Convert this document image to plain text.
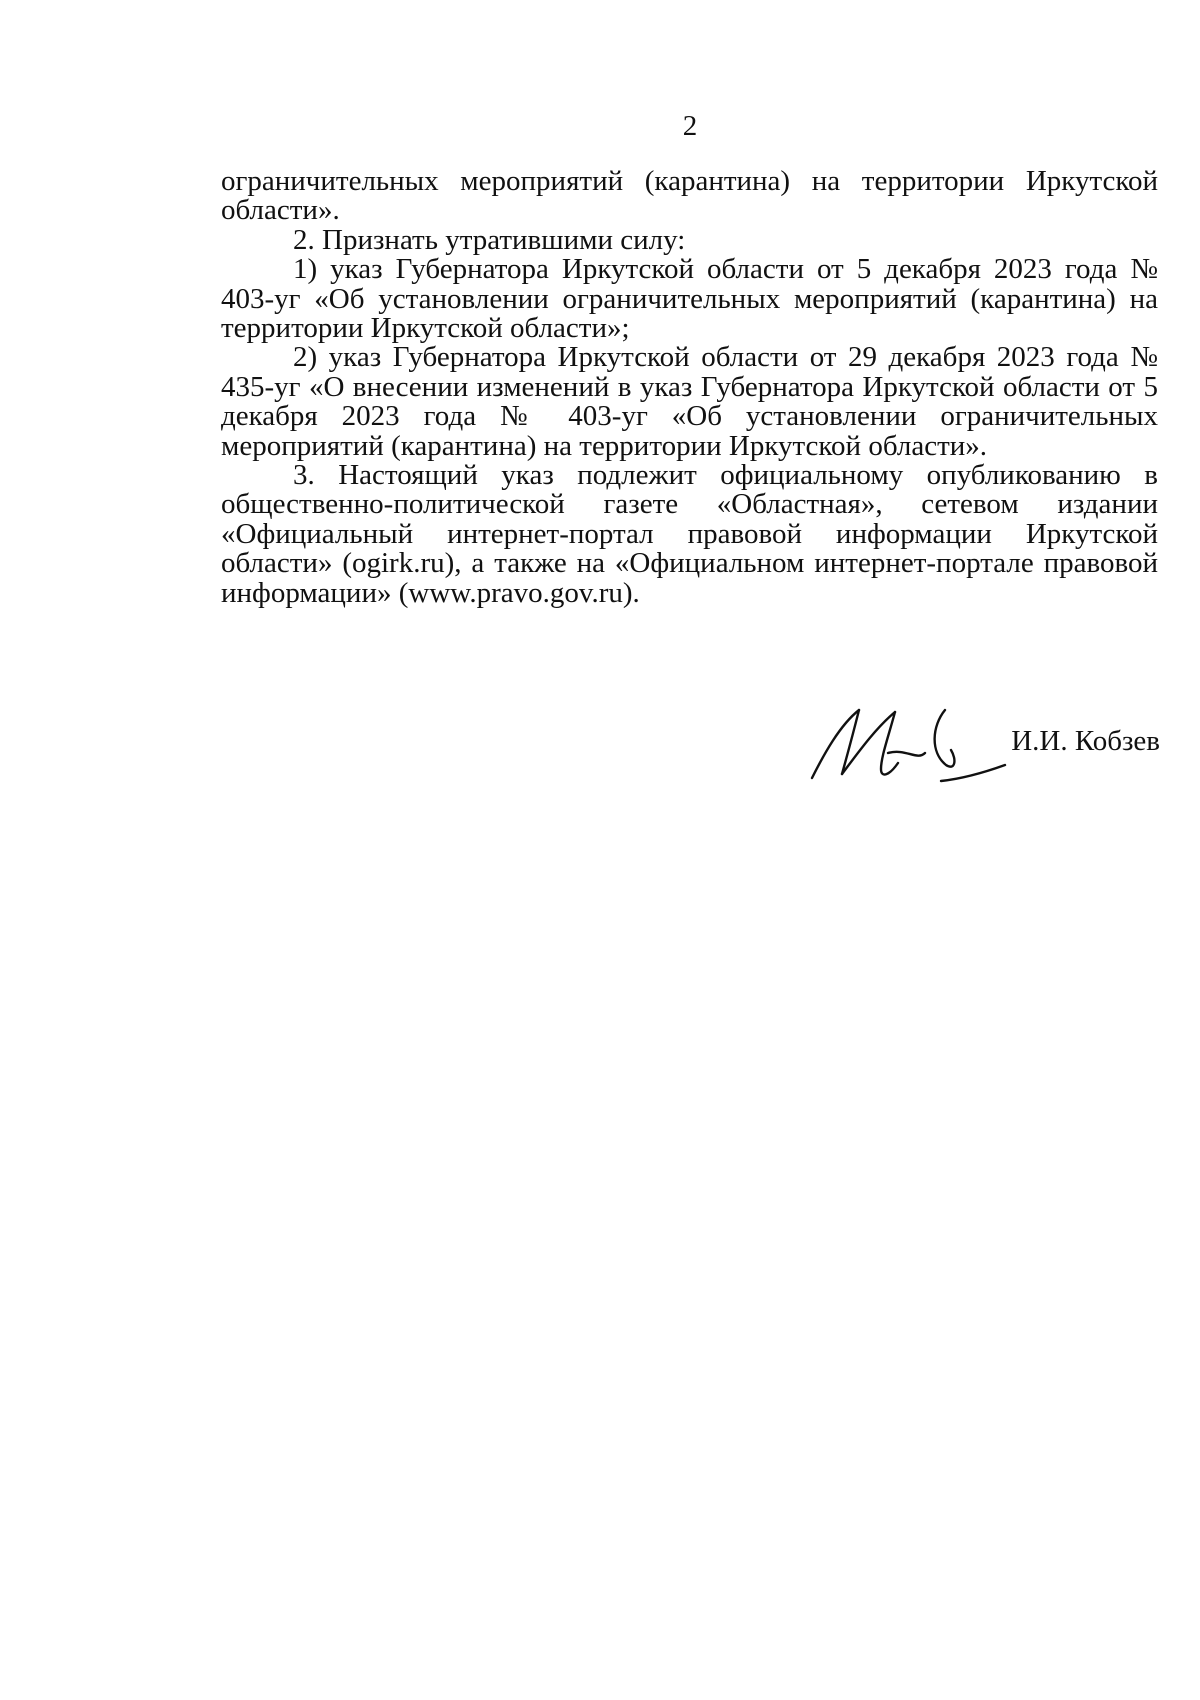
2

ограничительных мероприятий (карантина) на территории Иркутской области».

2. Признать утратившими силу:

1) указ Губернатора Иркутской области от 5 декабря 2023 года № 403-уг «Об установлении ограничительных мероприятий (карантина) на территории Иркутской области»;

2) указ Губернатора Иркутской области от 29 декабря 2023 года № 435-уг «О внесении изменений в указ Губернатора Иркутской области от 5 декабря 2023 года № 403-уг «Об установлении ограничительных мероприятий (карантина) на территории Иркутской области».

3. Настоящий указ подлежит официальному опубликованию в общественно-политической газете «Областная», сетевом издании «Официальный интернет-портал правовой информации Иркутской области» (ogirk.ru), а также на «Официальном интернет-портале правовой информации» (www.pravo.gov.ru).

И.И. Кобзев
